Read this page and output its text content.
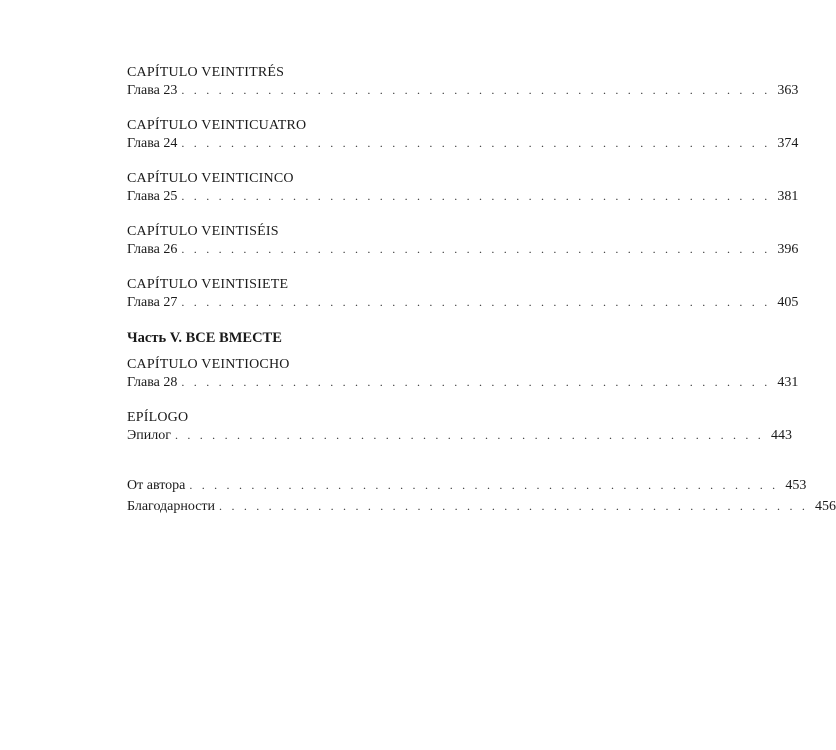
CAPÍTULO VEINTITRÉS
Глава 23 . . . . . . . . . . . . . . . . . . . . . . . . . . . . . . . . . . . . . . . . . . . . . . . . 363
CAPÍTULO VEINTICUATRO
Глава 24 . . . . . . . . . . . . . . . . . . . . . . . . . . . . . . . . . . . . . . . . . . . . . . . . 374
CAPÍTULO VEINTICINCO
Глава 25 . . . . . . . . . . . . . . . . . . . . . . . . . . . . . . . . . . . . . . . . . . . . . . . . 381
CAPÍTULO VEINTISÉIS
Глава 26 . . . . . . . . . . . . . . . . . . . . . . . . . . . . . . . . . . . . . . . . . . . . . . . . 396
CAPÍTULO VEINTISIETE
Глава 27 . . . . . . . . . . . . . . . . . . . . . . . . . . . . . . . . . . . . . . . . . . . . . . . . 405
Часть V. ВСЕ ВМЕСТЕ
CAPÍTULO VEINTIOCHO
Глава 28 . . . . . . . . . . . . . . . . . . . . . . . . . . . . . . . . . . . . . . . . . . . . . . . . 431
EPÍLOGO
Эпилог . . . . . . . . . . . . . . . . . . . . . . . . . . . . . . . . . . . . . . . . . . . . . . . . 443
От автора . . . . . . . . . . . . . . . . . . . . . . . . . . . . . . . . . . . . . . . . . . . . . . . . 453
Благодарности . . . . . . . . . . . . . . . . . . . . . . . . . . . . . . . . . . . . . . . . . . . . . . . . 456
